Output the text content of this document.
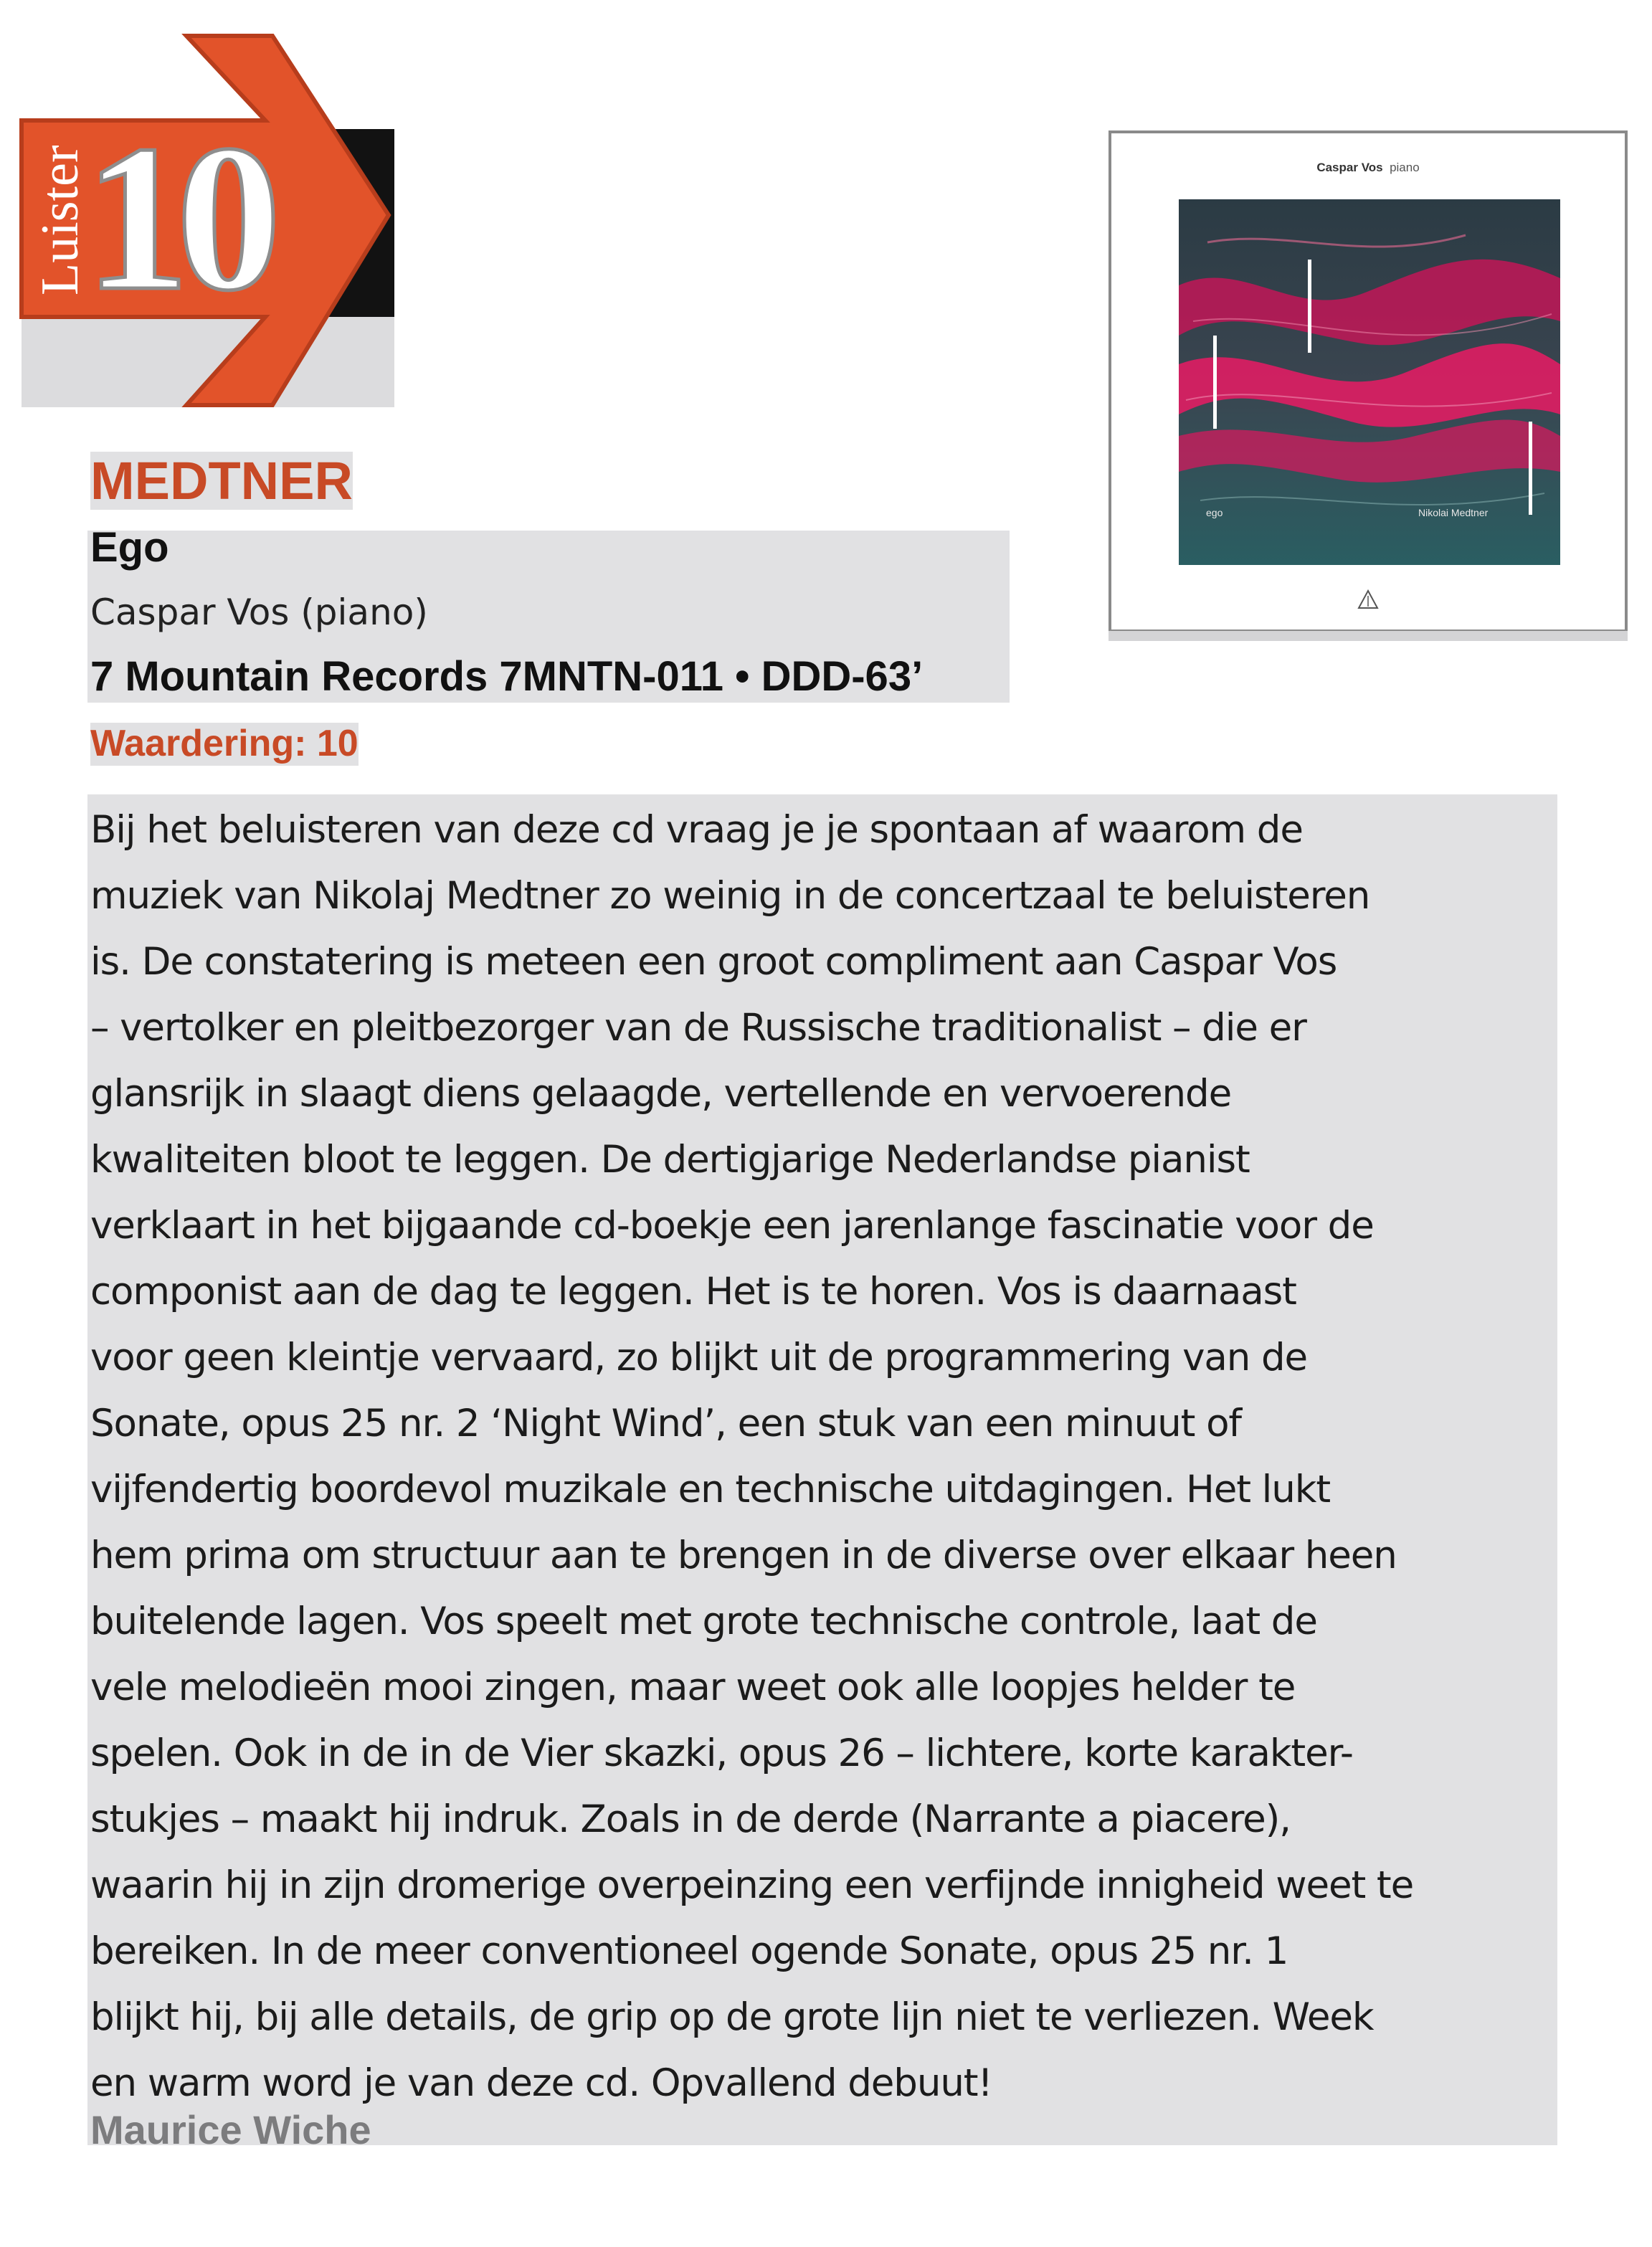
Luister
10	Caspar Vos piano
ego	Nikolai Medtner
MEDTNER
Ego

Caspar Vos (piano)

7 Mountain Records 7MNTN-011 • DDD-63’

Waardering: 10

Bij het beluisteren van deze cd vraag je je spontaan af waarom de
muziek van Nikolaj Medtner zo weinig in de concertzaal te beluisteren
is. De constatering is meteen een groot compliment aan Caspar Vos
– vertolker en pleitbezorger van de Russische traditionalist – die er
glansrijk in slaagt diens gelaagde, vertellende en vervoerende
kwaliteiten bloot te leggen. De dertigjarige Nederlandse pianist
verklaart in het bijgaande cd-boekje een jarenlange fascinatie voor de
componist aan de dag te leggen. Het is te horen. Vos is daarnaast
voor geen kleintje vervaard, zo blijkt uit de programmering van de
Sonate, opus 25 nr. 2 ‘Night Wind’, een stuk van een minuut of
vijfendertig boordevol muzikale en technische uitdagingen. Het lukt
hem prima om structuur aan te brengen in de diverse over elkaar heen
buitelende lagen. Vos speelt met grote technische controle, laat de
vele melodieën mooi zingen, maar weet ook alle loopjes helder te
spelen. Ook in de in de Vier skazki, opus 26 – lichtere, korte karakter-
stukjes – maakt hij indruk. Zoals in de derde (Narrante a piacere),
waarin hij in zijn dromerige overpeinzing een verfijnde innigheid weet te
bereiken. In de meer conventioneel ogende Sonate, opus 25 nr. 1
blijkt hij, bij alle details, de grip op de grote lijn niet te verliezen. Week
en warm word je van deze cd. Opvallend debuut!

Maurice Wiche
